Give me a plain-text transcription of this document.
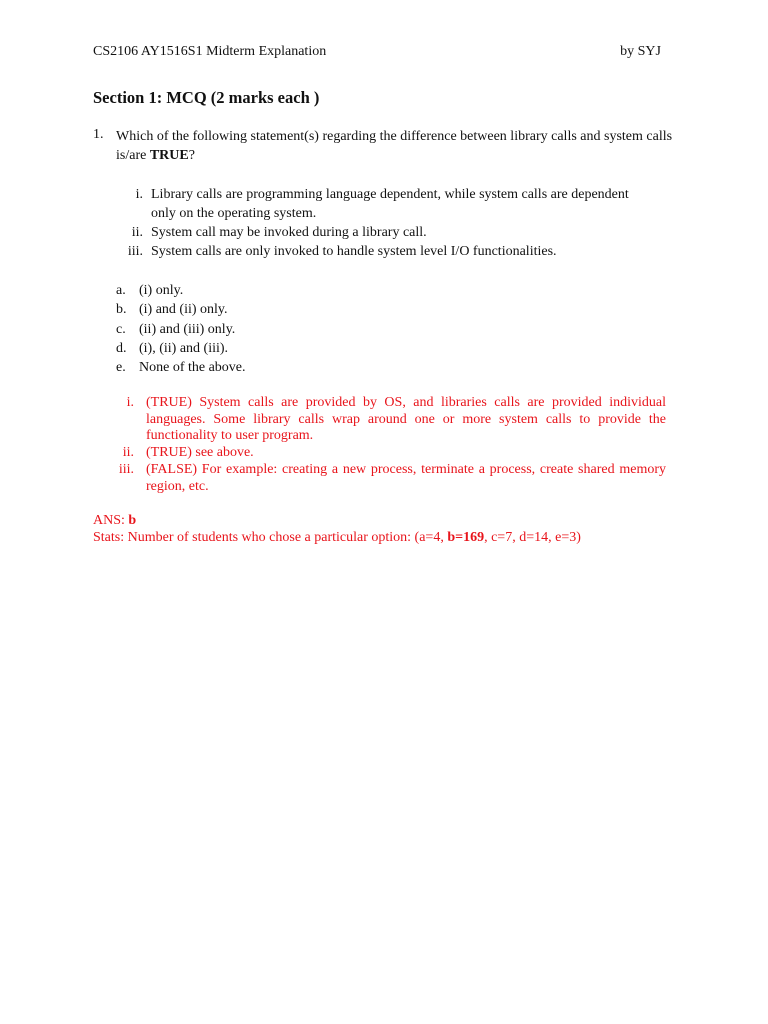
CS2106 AY1516S1 Midterm Explanation	by SYJ
Section 1: MCQ (2 marks each )
1. Which of the following statement(s) regarding the difference between library calls and system calls is/are TRUE?
i. Library calls are programming language dependent, while system calls are dependent only on the operating system.
ii. System call may be invoked during a library call.
iii. System calls are only invoked to handle system level I/O functionalities.
a. (i) only.
b. (i) and (ii) only.
c. (ii) and (iii) only.
d. (i), (ii) and (iii).
e. None of the above.
i. (TRUE) System calls are provided by OS, and libraries calls are provided individual languages. Some library calls wrap around one or more system calls to provide the functionality to user program.
ii. (TRUE) see above.
iii. (FALSE) For example: creating a new process, terminate a process, create shared memory region, etc.
ANS: b
Stats: Number of students who chose a particular option: (a=4, b=169, c=7, d=14, e=3)
